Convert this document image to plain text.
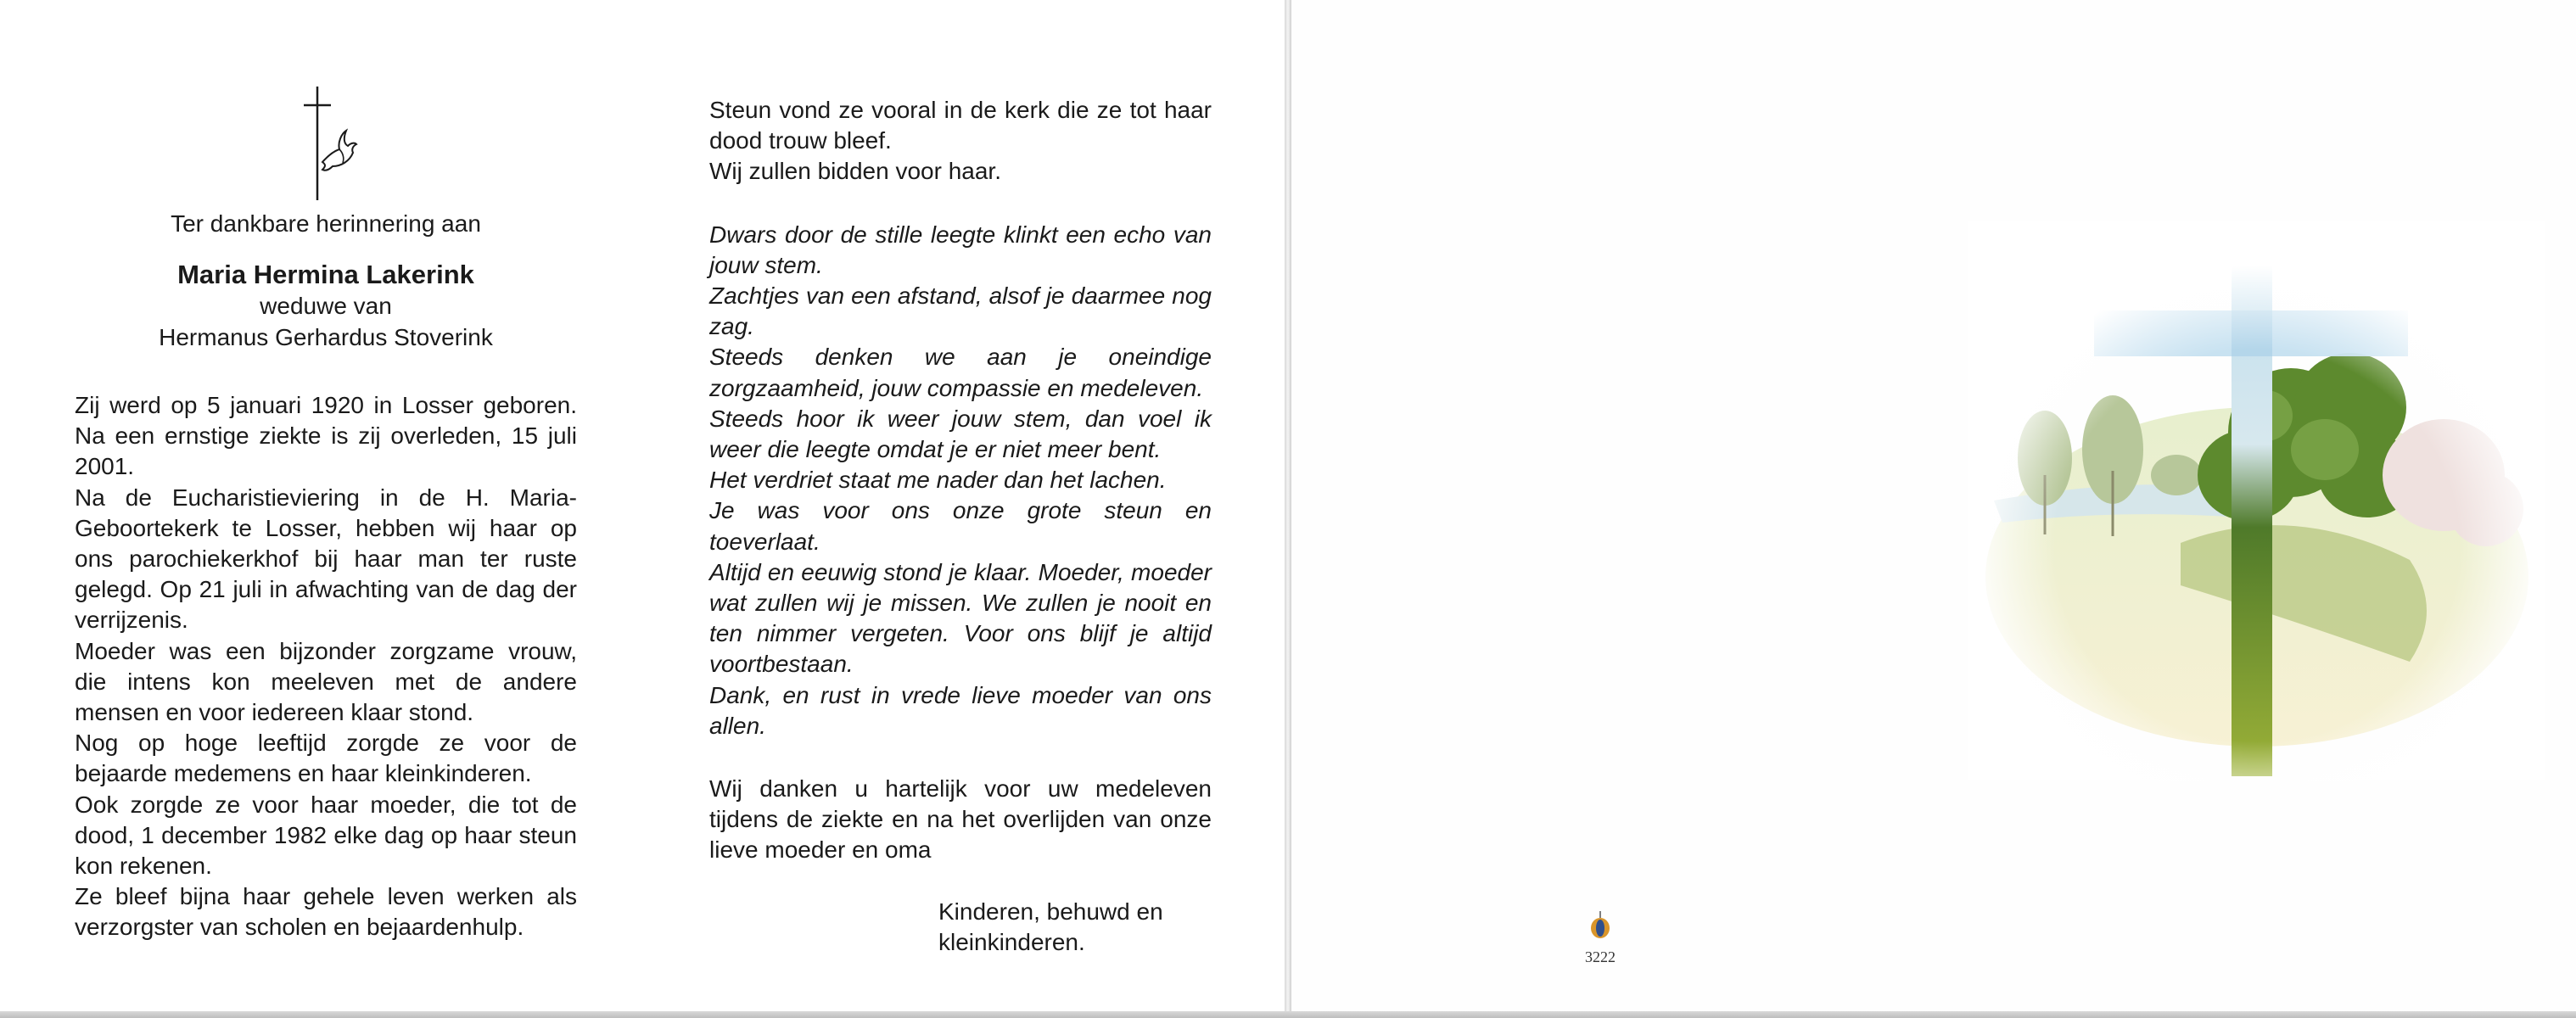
Ter dankbare herinnering aan
Maria Hermina Lakerink
weduwe van
Hermanus Gerhardus Stoverink

Zij werd op 5 januari 1920 in Losser geboren. Na een ernstige ziekte is zij overleden, 15 juli 2001.

Na de Eucharistieviering in de H. Maria-Geboortekerk te Losser, hebben wij haar op ons parochiekerkhof bij haar man ter ruste gelegd. Op 21 juli in afwachting van de dag der verrijzenis.

Moeder was een bijzonder zorgzame vrouw, die intens kon meeleven met de andere mensen en voor iedereen klaar stond.

Nog op hoge leeftijd zorgde ze voor de bejaarde medemens en haar kleinkinderen.

Ook zorgde ze voor haar moeder, die tot de dood, 1 december 1982 elke dag op haar steun kon rekenen.

Ze bleef bijna haar gehele leven werken als verzorgster van scholen en bejaardenhulp.

Steun vond ze vooral in de kerk die ze tot haar dood trouw bleef.

Wij zullen bidden voor haar.

Dwars door de stille leegte klinkt een echo van jouw stem.

Zachtjes van een afstand, alsof je daarmee nog zag.

Steeds denken we aan je oneindige zorgzaamheid, jouw compassie en medeleven.

Steeds hoor ik weer jouw stem, dan voel ik weer die leegte omdat je er niet meer bent.

Het verdriet staat me nader dan het lachen.

Je was voor ons onze grote steun en toeverlaat.

Altijd en eeuwig stond je klaar. Moeder, moeder wat zullen wij je missen. We zullen je nooit en ten nimmer vergeten. Voor ons blijf je altijd voortbestaan.

Dank, en rust in vrede lieve moeder van ons allen.

Wij danken u hartelijk voor uw medeleven tijdens de ziekte en na het overlijden van onze lieve moeder en oma
Kinderen, behuwd en
kleinkinderen.
3222
